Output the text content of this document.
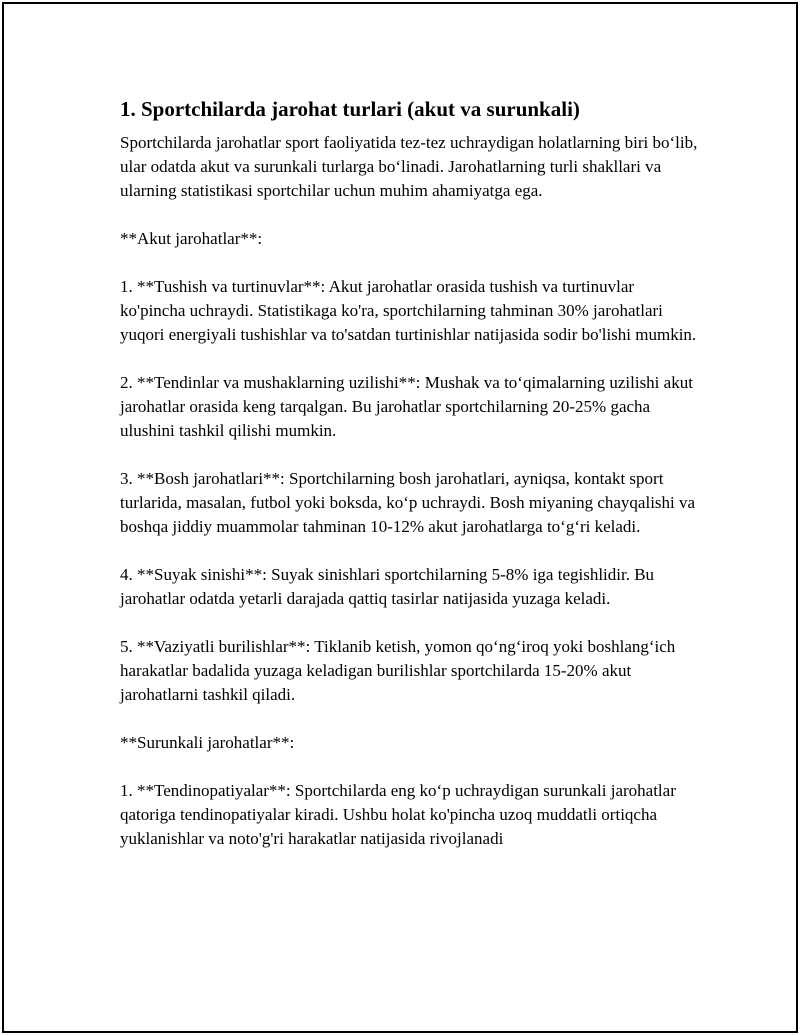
1. Sportchilarda jarohat turlari (akut va surunkali)

Sportchilarda jarohatlar sport faoliyatida tez-tez uchraydigan holatlarning biri bo‘lib, ular odatda akut va surunkali turlarga bo‘linadi. Jarohatlarning turli shakllari va ularning statistikasi sportchilar uchun muhim ahamiyatga ega.

**Akut jarohatlar**:

1. **Tushish va turtinuvlar**: Akut jarohatlar orasida tushish va turtinuvlar ko'pincha uchraydi. Statistikaga ko'ra, sportchilarning tahminan 30% jarohatlari yuqori energiyali tushishlar va to'satdan turtinishlar natijasida sodir bo'lishi mumkin.

2. **Tendinlar va mushaklarning uzilishi**: Mushak va to‘qimalarning uzilishi akut jarohatlar orasida keng tarqalgan. Bu jarohatlar sportchilarning 20-25% gacha ulushini tashkil qilishi mumkin.

3. **Bosh jarohatlari**: Sportchilarning bosh jarohatlari, ayniqsa, kontakt sport turlarida, masalan, futbol yoki boksda, ko‘p uchraydi. Bosh miyaning chayqalishi va boshqa jiddiy muammolar tahminan 10-12% akut jarohatlarga to‘g‘ri keladi.

4. **Suyak sinishi**: Suyak sinishlari sportchilarning 5-8% iga tegishlidir. Bu jarohatlar odatda yetarli darajada qattiq tasirlar natijasida yuzaga keladi.

5. **Vaziyatli burilishlar**: Tiklanib ketish, yomon qo‘ng‘iroq yoki boshlang‘ich harakatlar badalida yuzaga keladigan burilishlar sportchilarda 15-20% akut jarohatlarni tashkil qiladi.

**Surunkali jarohatlar**:

1. **Tendinopatiyalar**: Sportchilarda eng ko‘p uchraydigan surunkali jarohatlar qatoriga tendinopatiyalar kiradi. Ushbu holat ko'pincha uzoq muddatli ortiqcha yuklanishlar va noto'g'ri harakatlar natijasida rivojlanadi
